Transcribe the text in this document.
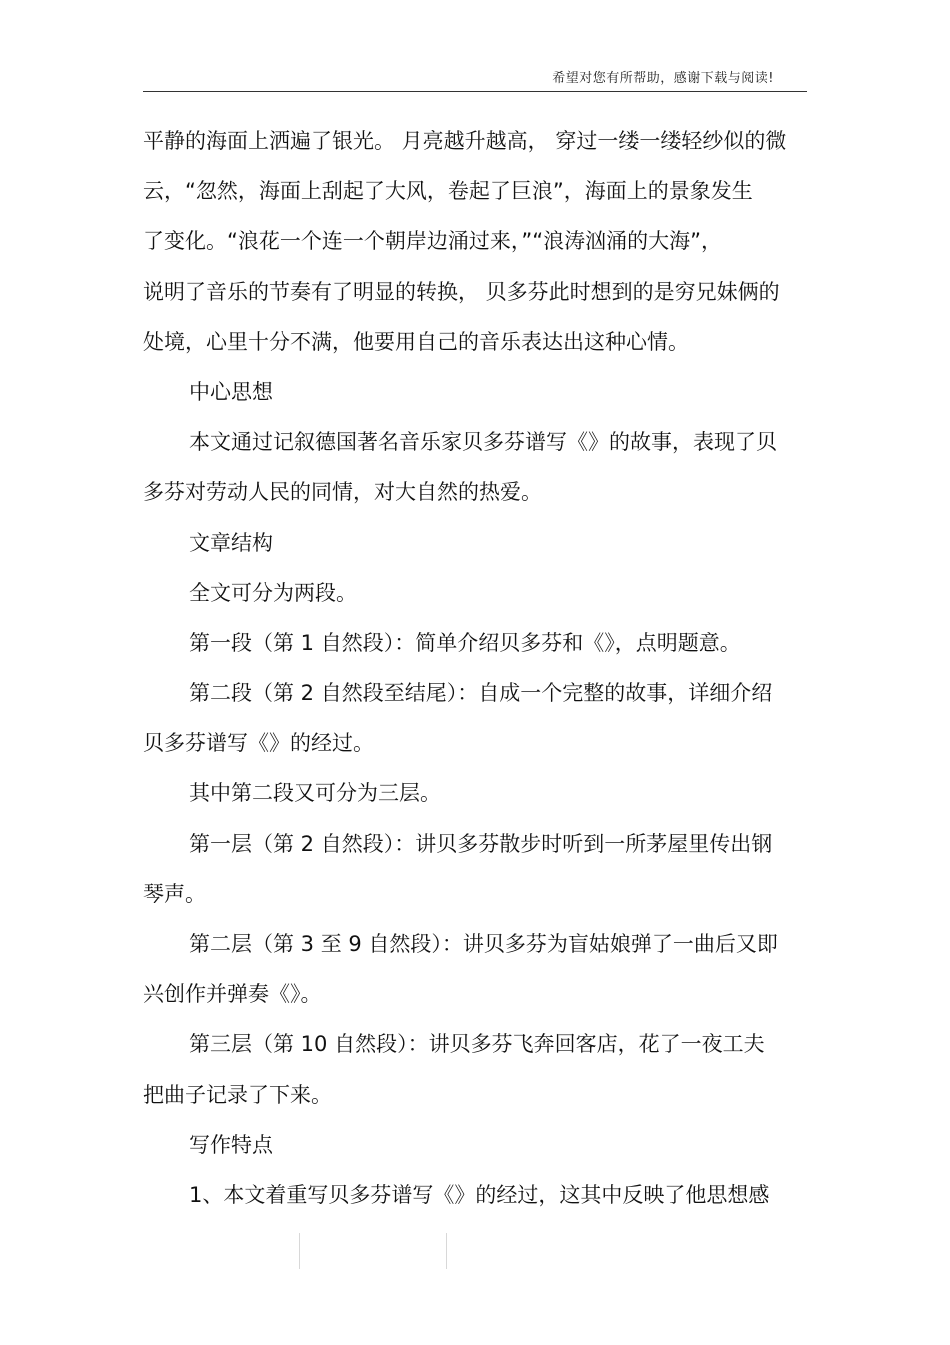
希望对您有所帮助，感谢下载与阅读!
平静的海面上洒遍了银光。 月亮越升越高， 穿过一缕一缕轻纱似的微
云，“忽然，海面上刮起了大风，卷起了巨浪”，海面上的景象发生
了变化。“浪花一个连一个朝岸边涌过来，”“浪涛汹涌的大海”，
说明了音乐的节奏有了明显的转换， 贝多芬此时想到的是穷兄妹俩的
处境，心里十分不满，他要用自己的音乐表达出这种心情。
中心思想
本文通过记叙德国著名音乐家贝多芬谱写《》的故事，表现了贝
多芬对劳动人民的同情，对大自然的热爱。
文章结构
全文可分为两段。
第一段（第 1 自然段）：简单介绍贝多芬和《》，点明题意。
第二段（第 2 自然段至结尾）：自成一个完整的故事，详细介绍
贝多芬谱写《》的经过。
其中第二段又可分为三层。
第一层（第 2 自然段）：讲贝多芬散步时听到一所茅屋里传出钢
琴声。
第二层（第 3 至 9 自然段）：讲贝多芬为盲姑娘弹了一曲后又即
兴创作并弹奏《》。
第三层（第 10 自然段）：讲贝多芬飞奔回客店，花了一夜工夫
把曲子记录了下来。
写作特点
1、本文着重写贝多芬谱写《》的经过，这其中反映了他思想感
